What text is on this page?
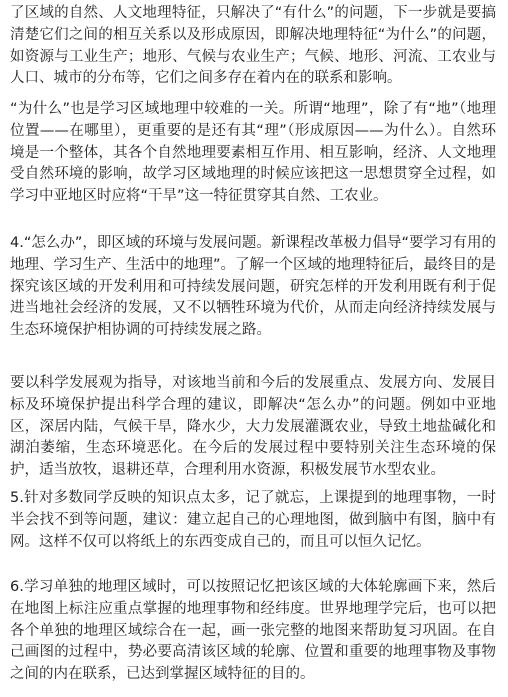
了区域的自然、人文地理特征，只解决了“有什么”的问题，下一步就是要搞清楚它们之间的相互关系以及形成原因，即解决地理特征“为什么”的问题，如资源与工业生产；地形、气候与农业生产；气候、地形、河流、工农业与人口、城市的分布等，它们之间多存在着内在的联系和影响。

“为什么”也是学习区域地理中较难的一关。所谓“地理”，除了有“地”（地理位置——在哪里），更重要的是还有其“理”（形成原因——为什么）。自然环境是一个整体，其各个自然地理要素相互作用、相互影响，经济、人文地理受自然环境的影响，故学习区域地理的时候应该把这一思想贯穿全过程，如学习中亚地区时应将“干旱”这一特征贯穿其自然、工农业。

4.“怎么办”，即区域的环境与发展问题。新课程改革极力倡导“要学习有用的地理、学习生产、生活中的地理”。了解一个区域的地理特征后，最终目的是探究该区域的开发利用和可持续发展问题，研究怎样的开发利用既有利于促进当地社会经济的发展，又不以牺牲环境为代价，从而走向经济持续发展与生态环境保护相协调的可持续发展之路。

要以科学发展观为指导，对该地当前和今后的发展重点、发展方向、发展目标及环境保护提出科学合理的建议，即解决“怎么办”的问题。例如中亚地区，深居内陆，气候干旱，降水少，大力发展灌溉农业，导致土地盐碱化和湖泊萎缩，生态环境恶化。在今后的发展过程中要特别关注生态环境的保护，适当放牧，退耕还草，合理利用水资源，积极发展节水型农业。

5.针对多数同学反映的知识点太多，记了就忘，上课提到的地理事物，一时半会找不到等问题，建议：建立起自己的心理地图，做到脑中有图，脑中有网。这样不仅可以将纸上的东西变成自己的，而且可以恒久记忆。

6.学习单独的地理区域时，可以按照记忆把该区域的大体轮廓画下来，然后在地图上标注应重点掌握的地理事物和经纬度。世界地理学完后，也可以把各个单独的地理区域综合在一起，画一张完整的地图来帮助复习巩固。在自己画图的过程中，势必要高清该区域的轮廓、位置和重要的地理事物及事物之间的内在联系，已达到掌握区域特征的目的。
